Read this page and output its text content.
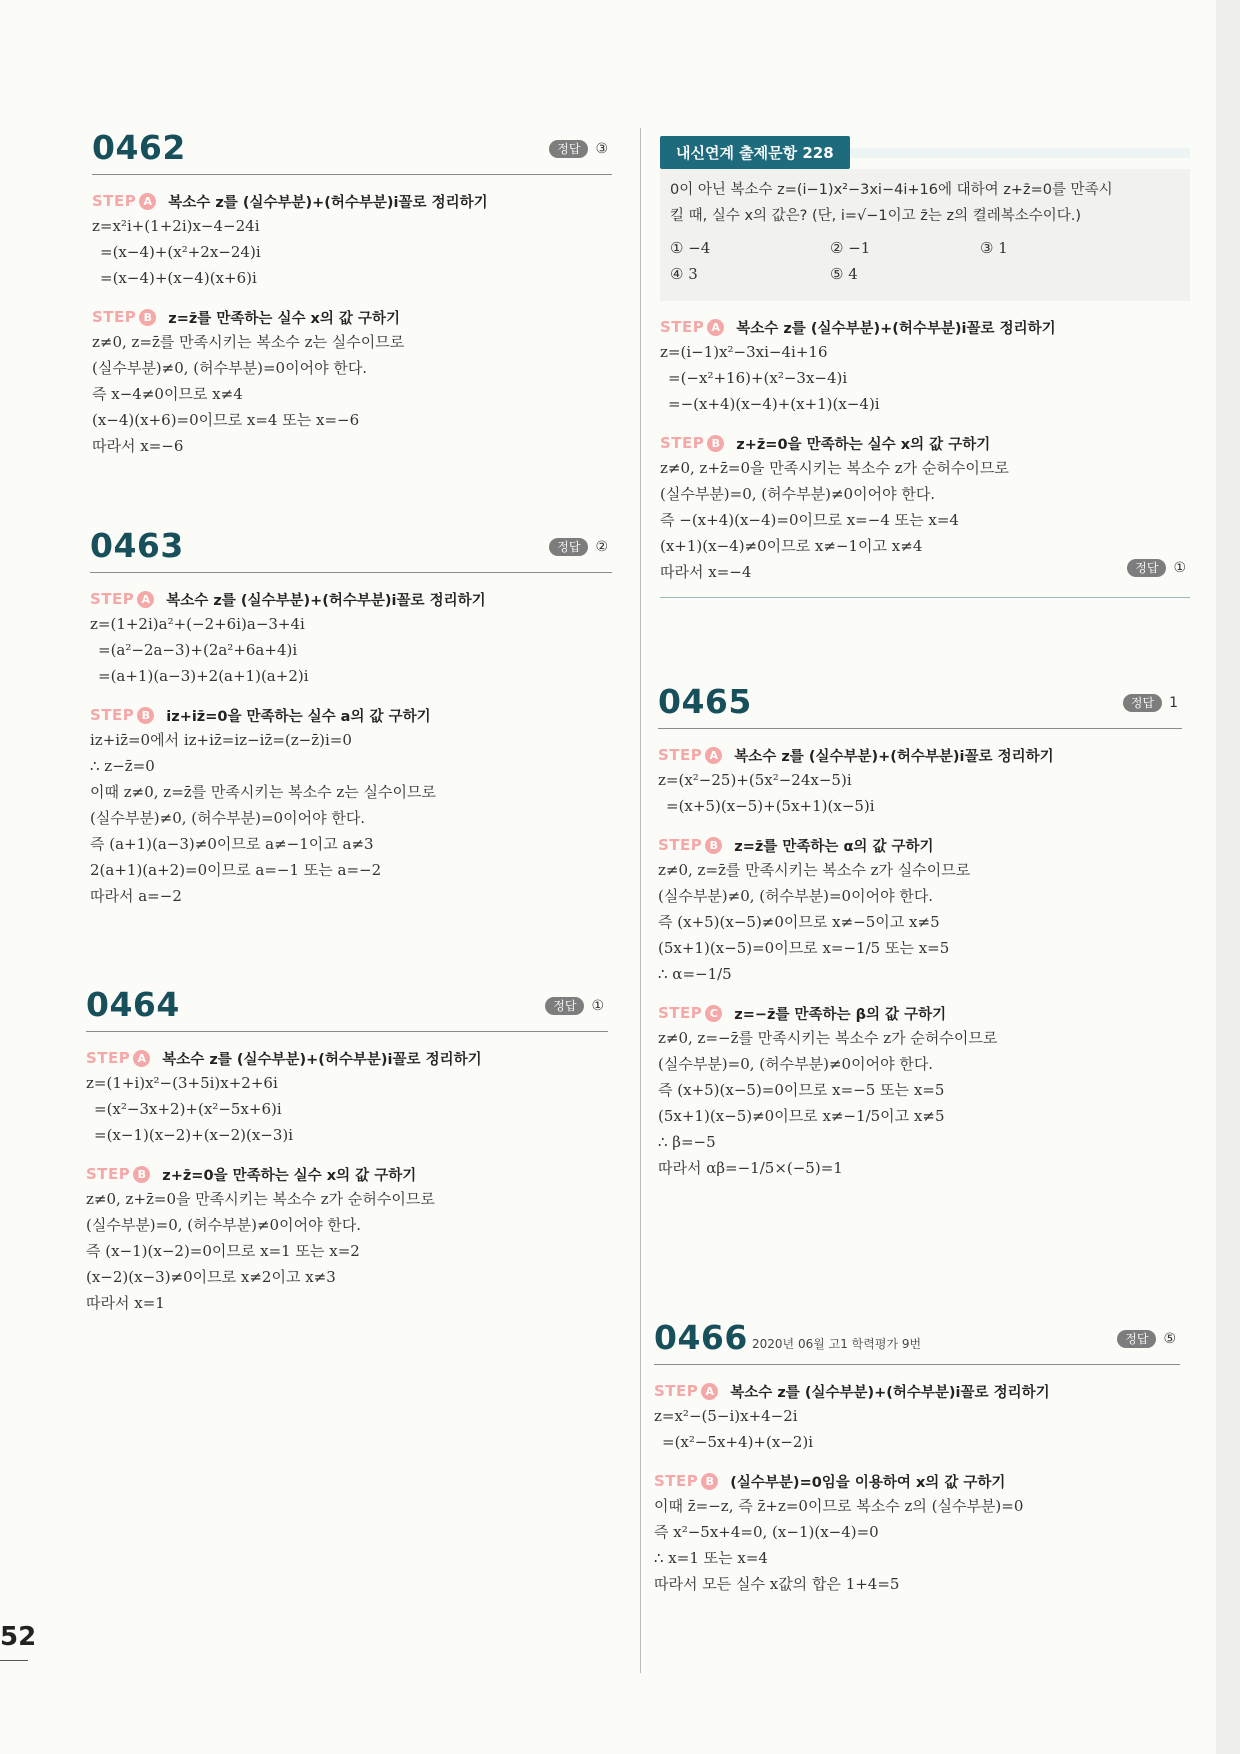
0462	정답	③
STEP A 복소수 z를 (실수부분)+(허수부분)i꼴로 정리하기
z=x²i+(1+2i)x−4−24i
=(x−4)+(x²+2x−24)i
=(x−4)+(x−4)(x+6)i
STEP B z=z̄를 만족하는 실수 x의 값 구하기
z≠0, z=z̄를 만족시키는 복소수 z는 실수이므로
(실수부분)≠0, (허수부분)=0이어야 한다.
즉 x−4≠0이므로 x≠4
(x−4)(x+6)=0이므로 x=4 또는 x=−6
따라서 x=−6
0463	정답	②
STEP A 복소수 z를 (실수부분)+(허수부분)i꼴로 정리하기
z=(1+2i)a²+(−2+6i)a−3+4i
=(a²−2a−3)+(2a²+6a+4)i
=(a+1)(a−3)+2(a+1)(a+2)i
STEP B iz+iz̄=0을 만족하는 실수 a의 값 구하기
iz+iz̄=0에서 iz+iz̄=iz−iz̄=(z−z̄)i=0
∴ z−z̄=0
이때 z≠0, z=z̄를 만족시키는 복소수 z는 실수이므로
(실수부분)≠0, (허수부분)=0이어야 한다.
즉 (a+1)(a−3)≠0이므로 a≠−1이고 a≠3
2(a+1)(a+2)=0이므로 a=−1 또는 a=−2
따라서 a=−2
0464	정답	①
STEP A 복소수 z를 (실수부분)+(허수부분)i꼴로 정리하기
z=(1+i)x²−(3+5i)x+2+6i
=(x²−3x+2)+(x²−5x+6)i
=(x−1)(x−2)+(x−2)(x−3)i
STEP B z+z̄=0을 만족하는 실수 x의 값 구하기
z≠0, z+z̄=0을 만족시키는 복소수 z가 순허수이므로
(실수부분)=0, (허수부분)≠0이어야 한다.
즉 (x−1)(x−2)=0이므로 x=1 또는 x=2
(x−2)(x−3)≠0이므로 x≠2이고 x≠3
따라서 x=1
내신연계 출제문항 228
0이 아닌 복소수 z=(i−1)x²−3xi−4i+16에 대하여 z+z̄=0를 만족시
킬 때, 실수 x의 값은? (단, i=√−1이고 z̄는 z의 켤레복소수이다.)
① −4	② −1	③ 1
④ 3	⑤ 4
STEP A 복소수 z를 (실수부분)+(허수부분)i꼴로 정리하기
z=(i−1)x²−3xi−4i+16
=(−x²+16)+(x²−3x−4)i
=−(x+4)(x−4)+(x+1)(x−4)i
STEP B z+z̄=0을 만족하는 실수 x의 값 구하기
z≠0, z+z̄=0을 만족시키는 복소수 z가 순허수이므로
(실수부분)=0, (허수부분)≠0이어야 한다.
즉 −(x+4)(x−4)=0이므로 x=−4 또는 x=4
(x+1)(x−4)≠0이므로 x≠−1이고 x≠4
따라서 x=−4	정답	①
0465	정답	1
STEP A 복소수 z를 (실수부분)+(허수부분)i꼴로 정리하기
z=(x²−25)+(5x²−24x−5)i
=(x+5)(x−5)+(5x+1)(x−5)i
STEP B z=z̄를 만족하는 α의 값 구하기
z≠0, z=z̄를 만족시키는 복소수 z가 실수이므로
(실수부분)≠0, (허수부분)=0이어야 한다.
즉 (x+5)(x−5)≠0이므로 x≠−5이고 x≠5
(5x+1)(x−5)=0이므로 x=−1/5 또는 x=5
∴ α=−1/5
STEP C	z=−z̄를 만족하는 β의 값 구하기
z≠0, z=−z̄를 만족시키는 복소수 z가 순허수이므로
(실수부분)=0, (허수부분)≠0이어야 한다.
즉 (x+5)(x−5)=0이므로 x=−5 또는 x=5
(5x+1)(x−5)≠0이므로 x≠−1/5이고 x≠5
∴ β=−5
따라서 αβ=−1/5×(−5)=1
0466 2020년 06월 고1 학력평가 9번	정답	⑤
STEP A 복소수 z를 (실수부분)+(허수부분)i꼴로 정리하기
z=x²−(5−i)x+4−2i
=(x²−5x+4)+(x−2)i
STEP B (실수부분)=0임을 이용하여 x의 값 구하기
이때 z̄=−z, 즉 z̄+z=0이므로 복소수 z의 (실수부분)=0
즉 x²−5x+4=0, (x−1)(x−4)=0
∴ x=1 또는 x=4
따라서 모든 실수 x값의 합은 1+4=5
52
